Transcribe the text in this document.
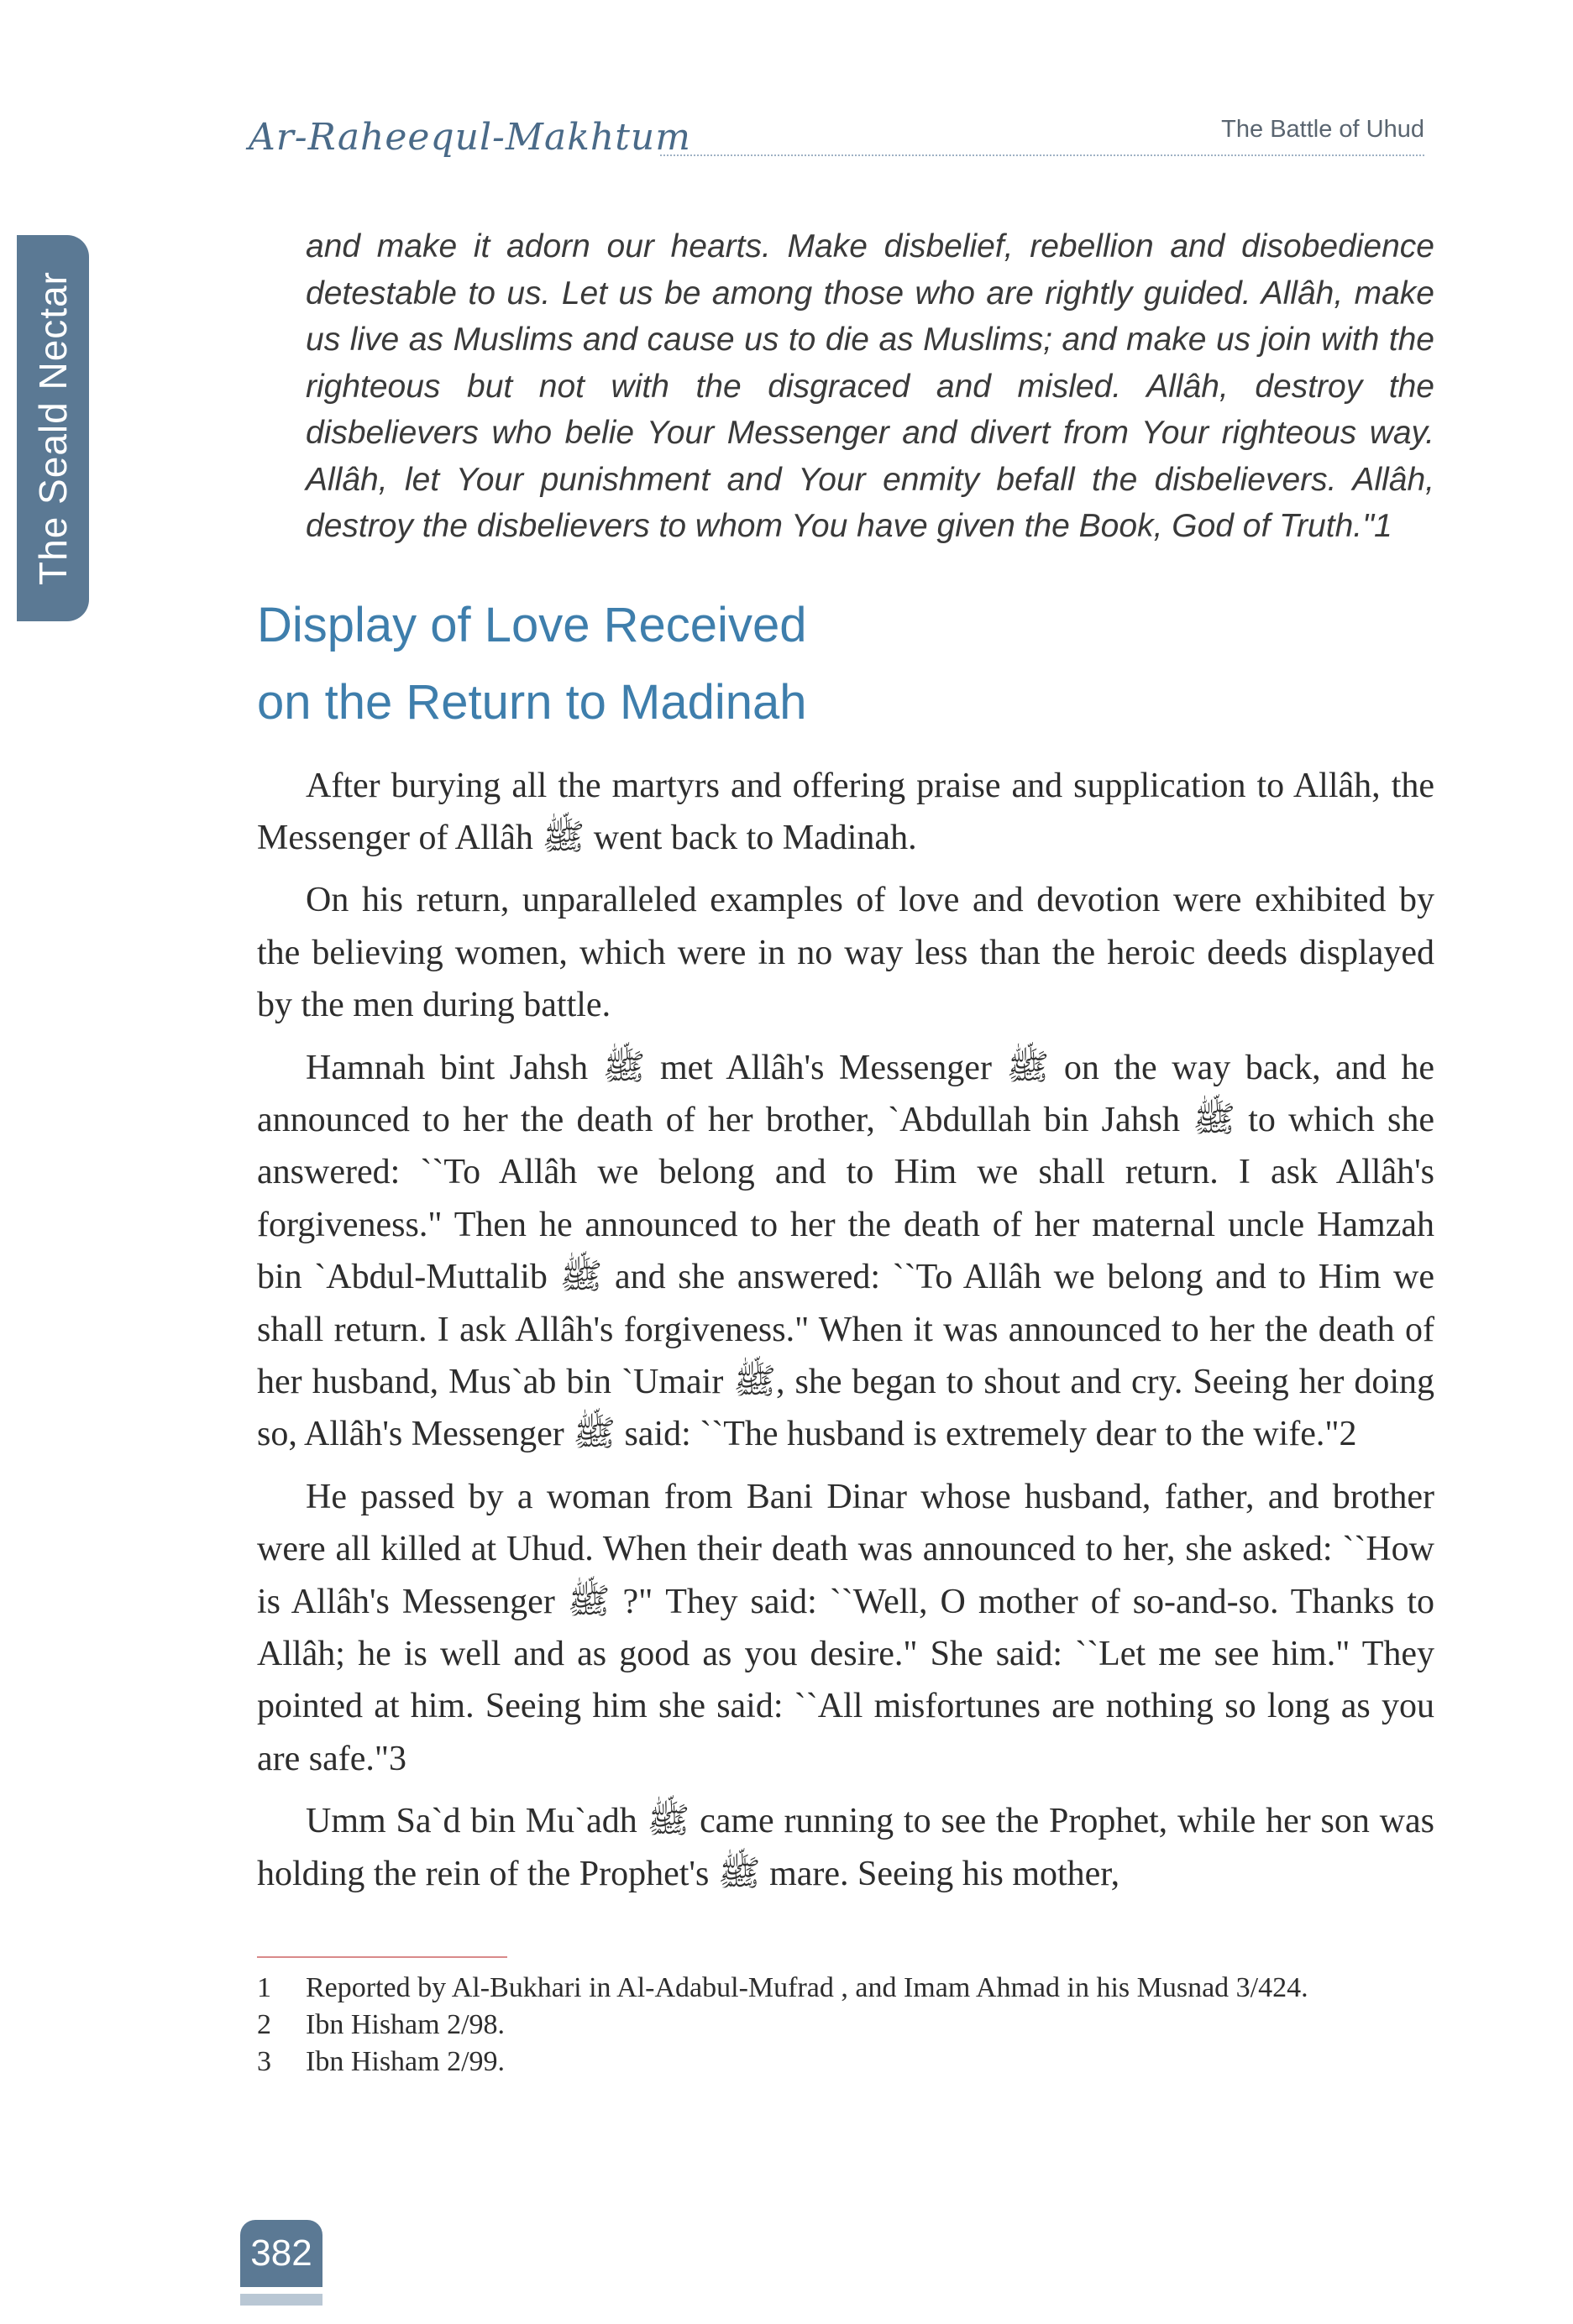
Ar-Raheequl-Makhtum	The Battle of Uhud
The Seald Nectar

and make it adorn our hearts. Make disbelief, rebellion and disobedience detestable to us. Let us be among those who are rightly guided. Allâh, make us live as Muslims and cause us to die as Muslims; and make us join with the righteous but not with the disgraced and misled. Allâh, destroy the disbelievers who belie Your Messenger and divert from Your righteous way. Allâh, let Your punishment and Your enmity befall the disbelievers. Allâh, destroy the disbelievers to whom You have given the Book, God of Truth."1

Display of Love Received
on the Return to Madinah

After burying all the martyrs and offering praise and supplication to Allâh, the Messenger of Allâh ﷺ went back to Madinah.

On his return, unparalleled examples of love and devotion were exhibited by the believing women, which were in no way less than the heroic deeds displayed by the men during battle.

Hamnah bint Jahsh ﷺ met Allâh's Messenger ﷺ on the way back, and he announced to her the death of her brother, `Abdullah bin Jahsh ﷺ to which she answered: ``To Allâh we belong and to Him we shall return. I ask Allâh's forgiveness." Then he announced to her the death of her maternal uncle Hamzah bin `Abdul-Muttalib ﷺ and she answered: ``To Allâh we belong and to Him we shall return. I ask Allâh's forgiveness." When it was announced to her the death of her husband, Mus`ab bin `Umair ﷺ, she began to shout and cry. Seeing her doing so, Allâh's Messenger ﷺ said: ``The husband is extremely dear to the wife."2

He passed by a woman from Bani Dinar whose husband, father, and brother were all killed at Uhud. When their death was announced to her, she asked: ``How is Allâh's Messenger ﷺ ?" They said: ``Well, O mother of so-and-so. Thanks to Allâh; he is well and as good as you desire." She said: ``Let me see him." They pointed at him. Seeing him she said: ``All misfortunes are nothing so long as you are safe."3

Umm Sa`d bin Mu`adh ﷺ came running to see the Prophet, while her son was holding the rein of the Prophet's ﷺ mare. Seeing his mother,

1	Reported by Al-Bukhari in Al-Adabul-Mufrad , and Imam Ahmad in his Musnad 3/424.
2	Ibn Hisham 2/98.
3	Ibn Hisham 2/99.
382
